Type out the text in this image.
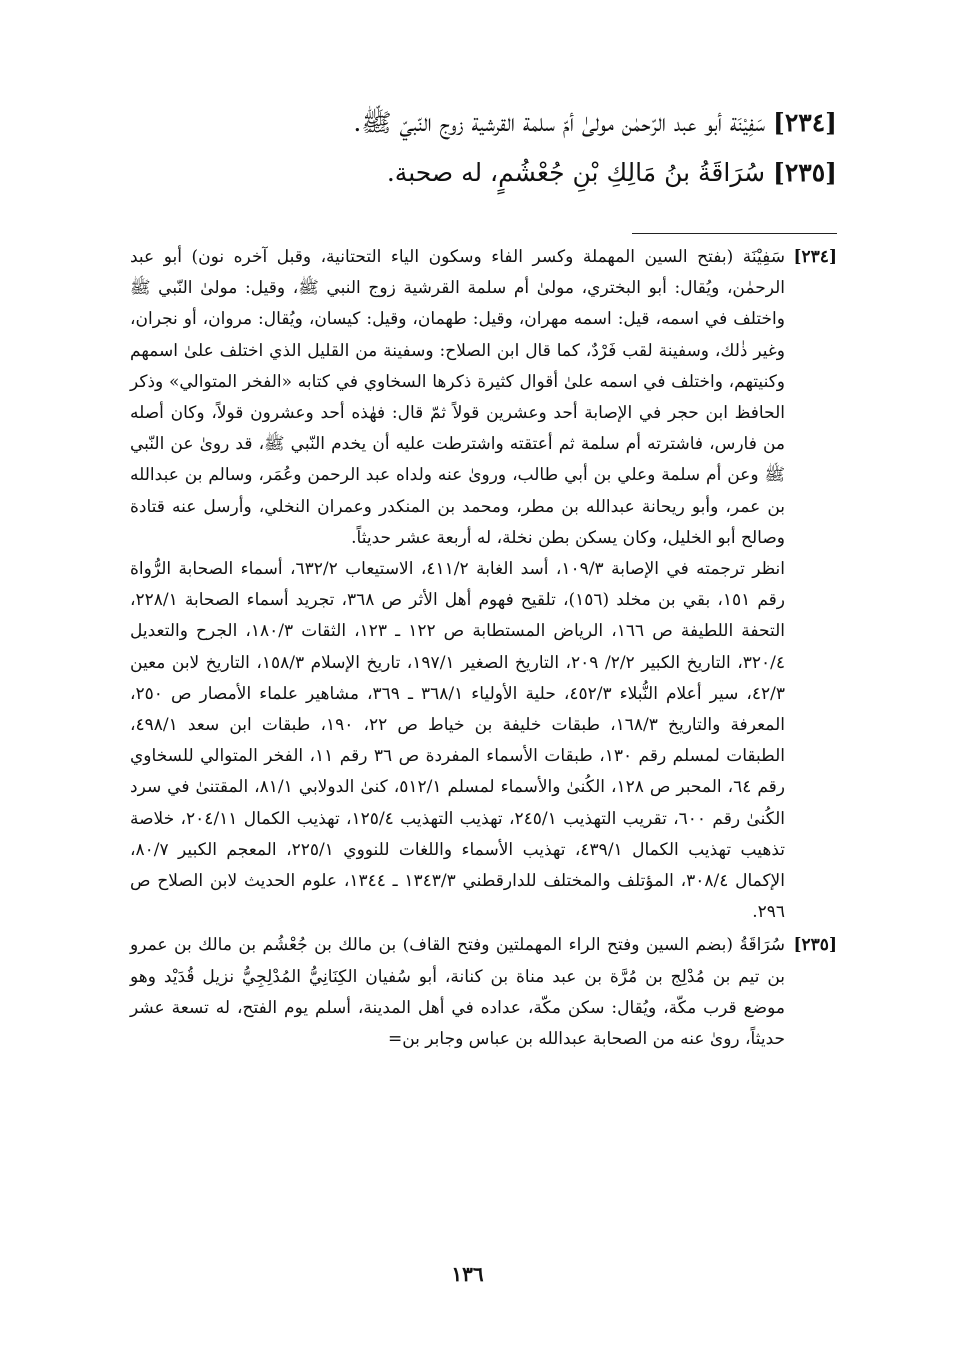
[٢٣٤] سَفِيْنَة أبو عبد الرّحمٰن مولىٰ أمّ سلمة القرشية زوج النّبيّ ﷺ.
[٢٣٥] سُرَاقَةُ بنُ مَالِكِ بْنِ جُعْشُمٍ، له صحبة.
[٢٣٤]
سَفِيْنَة (بفتح السين المهملة وكسر الفاء وسكون الياء التحتانية، وقبل آخره نون) أبو عبد الرحمٰن، ويُقال: أبو البختري، مولىٰ أم سلمة القرشية زوج النبي ﷺ، وقيل: مولىٰ النّبي ﷺ واختلف في اسمه، قيل: اسمه مهران، وقيل: طهمان، وقيل: كيسان، ويُقال: مروان، أو نجران، وغير ذٰلك، وسفينة لقب فَرْدٌ، كما قال ابن الصلاح: وسفينة من القليل الذي اختلف علىٰ اسمهم وكنيتهم، واختلف في اسمه علىٰ أقوال كثيرة ذكرها السخاوي في كتابه «الفخر المتوالي» وذكر الحافظ ابن حجر في الإصابة أحد وعشرين قولاً ثمّ قال: فهٰذه أحد وعشرون قولاً، وكان أصله من فارس، فاشترته أم سلمة ثم أعتقته واشترطت عليه أن يخدم النّبي ﷺ، قد روىٰ عن النّبي ﷺ وعن أم سلمة وعلي بن أبي طالب، وروىٰ عنه ولداه عبد الرحمن وعُمَر، وسالم بن عبدالله بن عمر، وأبو ريحانة عبدالله بن مطر، ومحمد بن المنكدر وعمران النخلي، وأرسل عنه قتادة وصالح أبو الخليل، وكان يسكن بطن نخلة، له أربعة عشر حديثاً.
انظر ترجمته في الإصابة ١٠٩/٣، أسد الغابة ٤١١/٢، الاستيعاب ٦٣٢/٢، أسماء الصحابة الرُّواة رقم ١٥١، بقي بن مخلد (١٥٦)، تلقيح فهوم أهل الأثر ص ٣٦٨، تجريد أسماء الصحابة ٢٢٨/١، التحفة اللطيفة ص ١٦٦، الرياض المستطابة ص ١٢٢ ـ ١٢٣، الثقات ١٨٠/٣، الجرح والتعديل ٣٢٠/٤، التاريخ الكبير ٢/٢/ ٢٠٩، التاريخ الصغير ١٩٧/١، تاريخ الإسلام ١٥٨/٣، التاريخ لابن معين ٤٢/٣، سير أعلام النُّبلاء ٤٥٢/٣، حلية الأولياء ٣٦٨/١ ـ ٣٦٩، مشاهير علماء الأمصار ص ٢٥٠، المعرفة والتاريخ ١٦٨/٣، طبقات خليفة بن خياط ص ٢٢، ١٩٠، طبقات ابن سعد ٤٩٨/١، الطبقات لمسلم رقم ١٣٠، طبقات الأسماء المفردة ص ٣٦ رقم ١١، الفخر المتوالي للسخاوي رقم ٦٤، المحبر ص ١٢٨، الكُنىٰ والأسماء لمسلم ٥١٢/١، كنىٰ الدولابي ٨١/١، المقتنىٰ في سرد الكُنىٰ رقم ٦٠٠، تقريب التهذيب ٢٤٥/١، تهذيب التهذيب ١٢٥/٤، تهذيب الكمال ٢٠٤/١١، خلاصة تذهيب تهذيب الكمال ٤٣٩/١، تهذيب الأسماء واللغات للنووي ٢٢٥/١، المعجم الكبير ٨٠/٧، الإكمال ٣٠٨/٤، المؤتلف والمختلف للدارقطني ١٣٤٣/٣ ـ ١٣٤٤، علوم الحديث لابن الصلاح ص ٢٩٦.
[٢٣٥]
سُرَاقَةُ (بضم السين وفتح الراء المهملتين وفتح القاف) بن مالك بن جُعْشُم بن مالك بن عمرو بن تيم بن مُدْلِج بن مُرَّة بن عبد مناة بن كنانة، أبو سُفيان الكِنَانِيُّ المُدْلِجِيُّ نزيل قُدَيْد وهو موضع قرب مكّة، ويُقال: سكن مكّة، عداده في أهل المدينة، أسلم يوم الفتح، له تسعة عشر حديثاً، روىٰ عنه من الصحابة عبدالله بن عباس وجابر بن=
١٣٦
